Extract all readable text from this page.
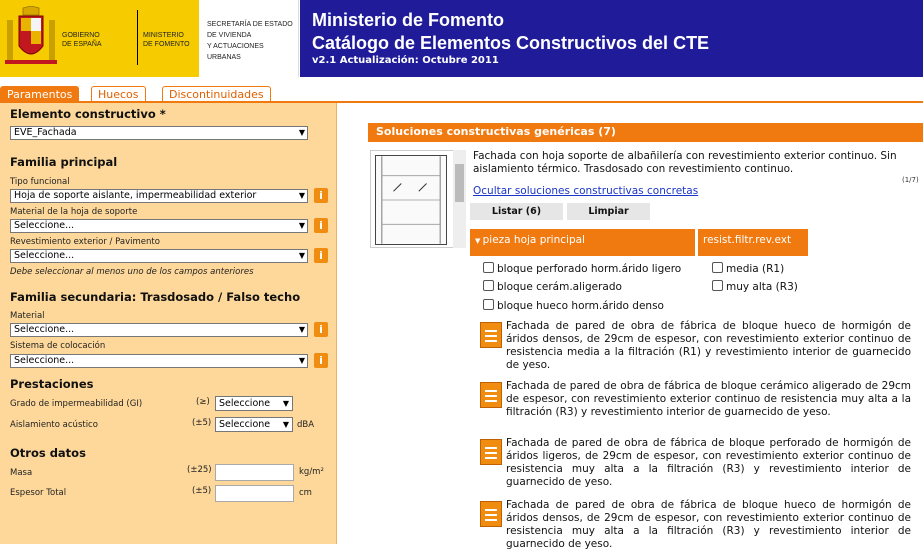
GOBIERNO
DE ESPAÑA
MINISTERIO
DE FOMENTO
SECRETARÍA DE ESTADO
DE VIVIENDA
Y ACTUACIONES
URBANAS
Ministerio de Fomento
Catálogo de Elementos Constructivos del CTE
v2.1 Actualización: Octubre 2011
Paramentos	Huecos	Discontinuidades
Elemento constructivo *
EVE_Fachada	▼
Familia principal
Tipo funcional
Hoja de soporte aislante, impermeabilidad exterior	▼	i
Material de la hoja de soporte
Seleccione...	▼	i
Revestimiento exterior / Pavimento
Seleccione...	▼	i
Debe seleccionar al menos uno de los campos anteriores
Familia secundaria: Trasdosado / Falso techo
Material
Seleccione...	▼	i
Sistema de colocación
Seleccione...	▼	i
Prestaciones
Grado de impermeabilidad (GI)	(≥) Seleccione ▼
Aislamiento acústico	(±5) Seleccione ▼ dBA
Otros datos
Masa	(±25)	kg/m²
Espesor Total	(±5)	cm
Soluciones constructivas genéricas (7)
Fachada con hoja soporte de albañilería con revestimiento exterior continuo. Sin aislamiento térmico. Trasdosado con revestimiento continuo.
(1/7)
Ocultar soluciones constructivas concretas
Listar (6)	Limpiar
▼ pieza hoja principal	resist.filtr.rev.ext
bloque perforado horm.árido ligero
bloque cerám.aligerado
bloque hueco horm.árido denso
media (R1)
muy alta (R3)
Fachada de pared de obra de fábrica de bloque hueco de hormigón de áridos densos, de 29cm de espesor, con revestimiento exterior continuo de resistencia media a la filtración (R1) y revestimiento interior de guarnecido de yeso.
Fachada de pared de obra de fábrica de bloque cerámico aligerado de 29cm de espesor, con revestimiento exterior continuo de resistencia muy alta a la filtración (R3) y revestimiento interior de guarnecido de yeso.
Fachada de pared de obra de fábrica de bloque perforado de hormigón de áridos ligeros, de 29cm de espesor, con revestimiento exterior continuo de resistencia muy alta a la filtración (R3) y revestimiento interior de guarnecido de yeso.
Fachada de pared de obra de fábrica de bloque hueco de hormigón de áridos densos, de 29cm de espesor, con revestimiento exterior continuo de resistencia muy alta a la filtración (R3) y revestimiento interior de guarnecido de yeso.
